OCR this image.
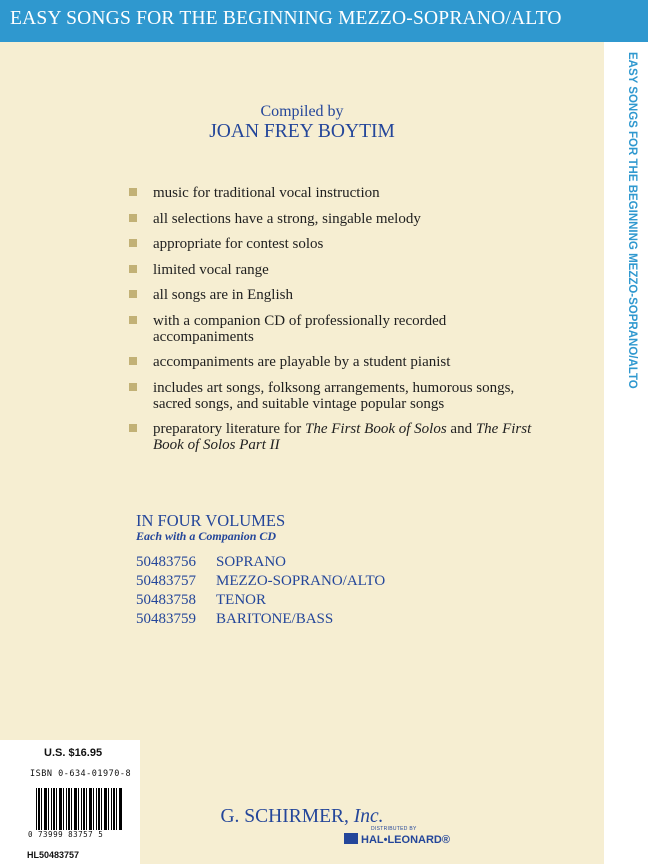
EASY SONGS FOR THE BEGINNING MEZZO-SOPRANO/ALTO
EASY SONGS FOR THE BEGINNING MEZZO-SOPRANO/ALTO
Compiled by
JOAN FREY BOYTIM
music for traditional vocal instruction
all selections have a strong, singable melody
appropriate for contest solos
limited vocal range
all songs are in English
with a companion CD of professionally recorded accompaniments
accompaniments are playable by a student pianist
includes art songs, folksong arrangements, humorous songs, sacred songs, and suitable vintage popular songs
preparatory literature for The First Book of Solos and The First Book of Solos Part II
IN FOUR VOLUMES
Each with a Companion CD
50483756 SOPRANO
50483757 MEZZO-SOPRANO/ALTO
50483758 TENOR
50483759 BARITONE/BASS
U.S. $16.95
ISBN 0-634-01970-8
0 73999 83757 5
HL50483757
G. SCHIRMER, Inc.
DISTRIBUTED BY
HAL•LEONARD®
